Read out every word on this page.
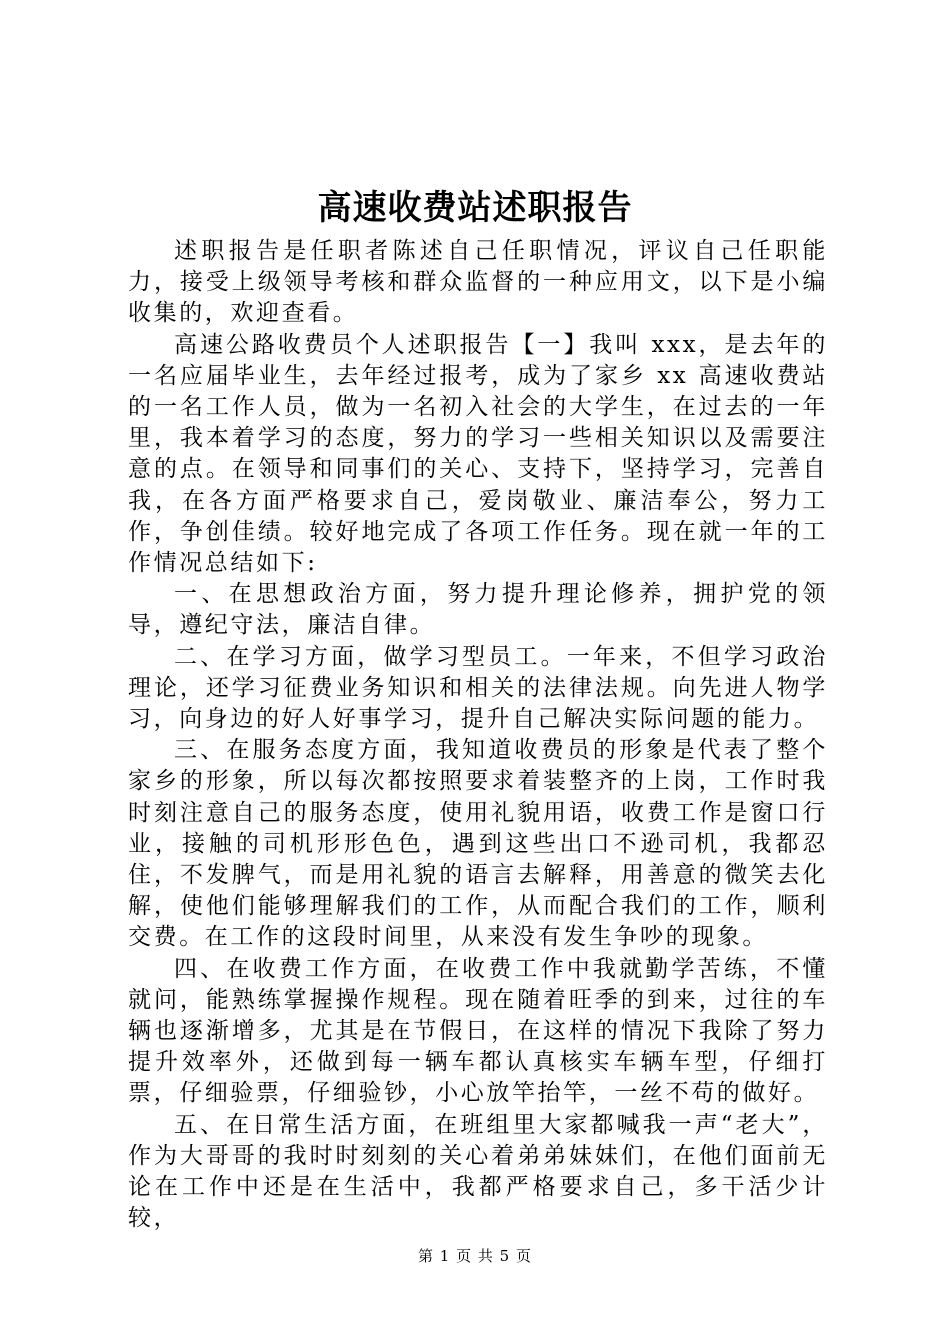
高速收费站述职报告

述职报告是任职者陈述自己任职情况，评议自己任职能力，接受上级领导考核和群众监督的一种应用文，以下是小编收集的，欢迎查看。

高速公路收费员个人述职报告【一】我叫 xxx，是去年的一名应届毕业生，去年经过报考，成为了家乡 xx 高速收费站的一名工作人员，做为一名初入社会的大学生，在过去的一年里，我本着学习的态度，努力的学习一些相关知识以及需要注意的点。在领导和同事们的关心、支持下，坚持学习，完善自我，在各方面严格要求自己，爱岗敬业、廉洁奉公，努力工作，争创佳绩。较好地完成了各项工作任务。现在就一年的工作情况总结如下:

一、在思想政治方面，努力提升理论修养，拥护党的领导，遵纪守法，廉洁自律。

二、在学习方面，做学习型员工。一年来，不但学习政治理论，还学习征费业务知识和相关的法律法规。向先进人物学习，向身边的好人好事学习，提升自己解决实际问题的能力。

三、在服务态度方面，我知道收费员的形象是代表了整个家乡的形象，所以每次都按照要求着装整齐的上岗，工作时我时刻注意自己的服务态度，使用礼貌用语，收费工作是窗口行业，接触的司机形形色色，遇到这些出口不逊司机，我都忍住，不发脾气，而是用礼貌的语言去解释，用善意的微笑去化解，使他们能够理解我们的工作，从而配合我们的工作，顺利交费。在工作的这段时间里，从来没有发生争吵的现象。

四、在收费工作方面，在收费工作中我就勤学苦练，不懂就问，能熟练掌握操作规程。现在随着旺季的到来，过往的车辆也逐渐增多，尤其是在节假日，在这样的情况下我除了努力提升效率外，还做到每一辆车都认真核实车辆车型，仔细打票，仔细验票，仔细验钞，小心放竿抬竿，一丝不苟的做好。

五、在日常生活方面，在班组里大家都喊我一声“老大”，作为大哥哥的我时时刻刻的关心着弟弟妹妹们，在他们面前无论在工作中还是在生活中，我都严格要求自己，多干活少计较，

第 1 页 共 5 页
